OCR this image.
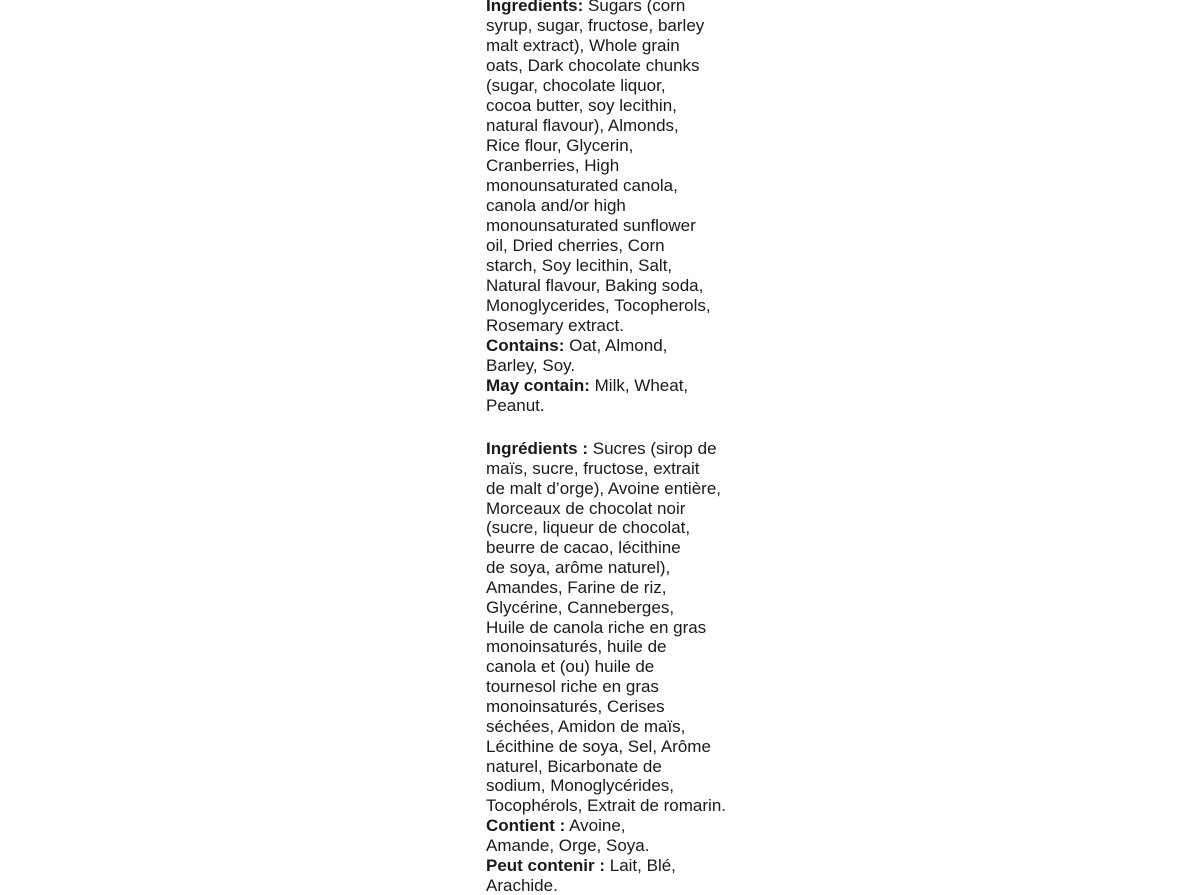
Ingredients: Sugars (corn

syrup, sugar, fructose, barley

malt extract), Whole grain

oats, Dark chocolate chunks

(sugar, chocolate liquor,

cocoa butter, soy lecithin,

natural flavour), Almonds,

Rice flour, Glycerin,

Cranberries, High

monounsaturated canola,

canola and/or high

monounsaturated sunflower

oil, Dried cherries, Corn

starch, Soy lecithin, Salt,

Natural flavour, Baking soda,

Monoglycerides, Tocopherols,

Rosemary extract.

Contains: Oat, Almond,

Barley, Soy.

May contain: Milk, Wheat,

Peanut.

Ingrédients : Sucres (sirop de

maïs, sucre, fructose, extrait

de malt d’orge), Avoine entière,

Morceaux de chocolat noir

(sucre, liqueur de chocolat,

beurre de cacao, lécithine

de soya, arôme naturel),

Amandes, Farine de riz,

Glycérine, Canneberges,

Huile de canola riche en gras

monoinsaturés, huile de

canola et (ou) huile de

tournesol riche en gras

monoinsaturés, Cerises

séchées, Amidon de maïs,

Lécithine de soya, Sel, Arôme

naturel, Bicarbonate de

sodium, Monoglycérides,

Tocophérols, Extrait de romarin.

Contient : Avoine,

Amande, Orge, Soya.

Peut contenir : Lait, Blé,

Arachide.
